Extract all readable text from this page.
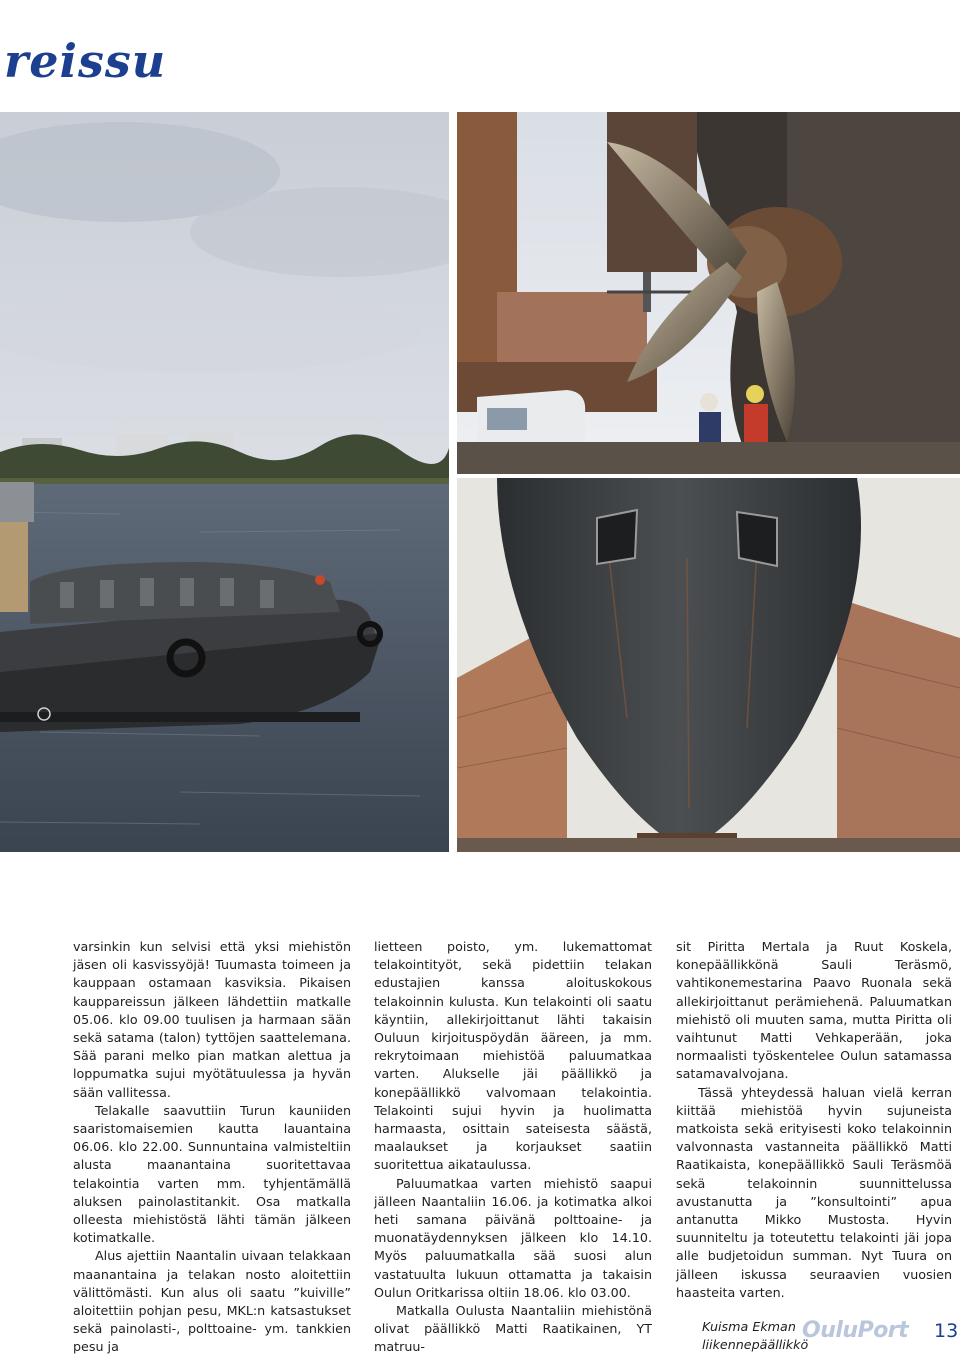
reissu

varsinkin kun selvisi että yksi miehistön jäsen oli kasvissyöjä! Tuumasta toimeen ja kauppaan ostamaan kasviksia. Pikaisen kauppareissun jälkeen lähdettiin matkalle 05.06. klo 09.00 tuulisen ja harmaan sään sekä satama (talon) tyttöjen saattelemana. Sää parani melko pian matkan alettua ja loppumatka sujui myötätuulessa ja hyvän sään vallitessa.

Telakalle saavuttiin Turun kauniiden saaristomaisemien kautta lauantaina 06.06. klo 22.00. Sunnuntaina valmisteltiin alusta maanantaina suoritettavaa telakointia varten mm. tyhjentämällä aluksen painolastitankit. Osa matkalla olleesta miehistöstä lähti tämän jälkeen kotimatkalle.

Alus ajettiin Naantalin uivaan telakkaan maanantaina ja telakan nosto aloitettiin välittömästi. Kun alus oli saatu ”kuiville” aloitettiin pohjan pesu, MKL:n katsastukset sekä painolasti-, polttoaine- ym. tankkien pesu ja

lietteen poisto, ym. lukemattomat telakointityöt, sekä pidettiin telakan edustajien kanssa aloituskokous telakoinnin kulusta. Kun telakointi oli saatu käyntiin, allekirjoittanut lähti takaisin Ouluun kirjoituspöydän ääreen, ja mm. rekrytoimaan miehistöä paluumatkaa varten. Alukselle jäi päällikkö ja konepäällikkö valvomaan telakointia. Telakointi sujui hyvin ja huolimatta harmaasta, osittain sateisesta säästä, maalaukset ja korjaukset saatiin suoritettua aikataulussa.

Paluumatkaa varten miehistö saapui jälleen Naantaliin 16.06. ja kotimatka alkoi heti samana päivänä polttoaine- ja muonatäydennyksen jälkeen klo 14.10. Myös paluumatkalla sää suosi alun vastatuulta lukuun ottamatta ja takaisin Oulun Oritkarissa oltiin 18.06. klo 03.00.

Matkalla Oulusta Naantaliin miehistönä olivat päällikkö Matti Raatikainen, YT matruu-

sit Piritta Mertala ja Ruut Koskela, konepäällikkönä Sauli Teräsmö, vahtikonemestarina Paavo Ruonala sekä allekirjoittanut perämiehenä. Paluumatkan miehistö oli muuten sama, mutta Piritta oli vaihtunut Matti Vehkaperään, joka normaalisti työskentelee Oulun satamassa satamavalvojana.

Tässä yhteydessä haluan vielä kerran kiittää miehistöä hyvin sujuneista matkoista sekä erityisesti koko telakoinnin valvonnasta vastanneita päällikkö Matti Raatikaista, konepäällikkö Sauli Teräsmöä sekä telakoinnin suunnittelussa avustanutta ja ”konsultointi” apua antanutta Mikko Mustosta. Hyvin suunniteltu ja toteutettu telakointi jäi jopa alle budjetoidun summan. Nyt Tuura on jälleen iskussa seuraavien vuosien haasteita varten.

Kuisma Ekman
liikennepäällikkö

OuluPort 13
